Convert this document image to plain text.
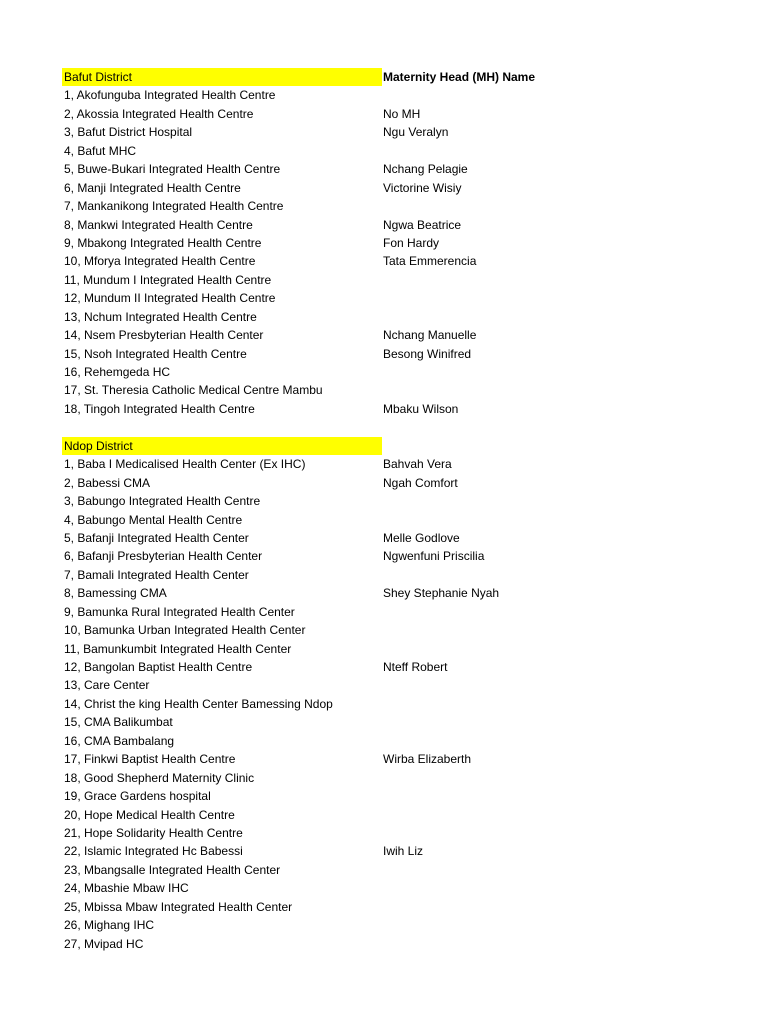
Bafut District	Maternity Head (MH) Name
1, Akofunguba Integrated Health Centre
2, Akossia Integrated Health Centre	No MH
3, Bafut District Hospital	Ngu Veralyn
4, Bafut MHC
5, Buwe-Bukari Integrated Health Centre	Nchang Pelagie
6, Manji Integrated Health Centre	Victorine Wisiy
7, Mankanikong Integrated Health Centre
8, Mankwi Integrated Health Centre	Ngwa Beatrice
9, Mbakong Integrated Health Centre	Fon Hardy
10, Mforya Integrated Health Centre	Tata Emmerencia
11, Mundum I Integrated Health Centre
12, Mundum II Integrated Health Centre
13, Nchum Integrated Health Centre
14, Nsem Presbyterian Health Center	Nchang Manuelle
15, Nsoh Integrated Health Centre	Besong Winifred
16, Rehemgeda HC
17, St. Theresia Catholic Medical Centre Mambu
18, Tingoh Integrated Health Centre	Mbaku Wilson
Ndop District
1, Baba I Medicalised Health Center (Ex IHC)	Bahvah Vera
2, Babessi CMA	Ngah Comfort
3, Babungo Integrated Health Centre
4, Babungo Mental Health Centre
5, Bafanji Integrated Health Center	Melle Godlove
6, Bafanji Presbyterian Health Center	Ngwenfuni Priscilia
7, Bamali Integrated Health Center
8, Bamessing CMA	Shey Stephanie Nyah
9, Bamunka Rural Integrated Health Center
10, Bamunka Urban Integrated Health Center
11, Bamunkumbit Integrated Health Center
12, Bangolan Baptist Health Centre	Nteff Robert
13, Care Center
14, Christ the king Health Center Bamessing Ndop
15, CMA Balikumbat
16, CMA Bambalang
17, Finkwi Baptist Health Centre	Wirba Elizaberth
18, Good Shepherd Maternity Clinic
19, Grace Gardens hospital
20, Hope Medical Health Centre
21, Hope Solidarity Health Centre
22, Islamic Integrated Hc Babessi	Iwih Liz
23, Mbangsalle Integrated Health Center
24, Mbashie Mbaw IHC
25, Mbissa Mbaw Integrated Health Center
26, Mighang IHC
27, Mvipad HC
